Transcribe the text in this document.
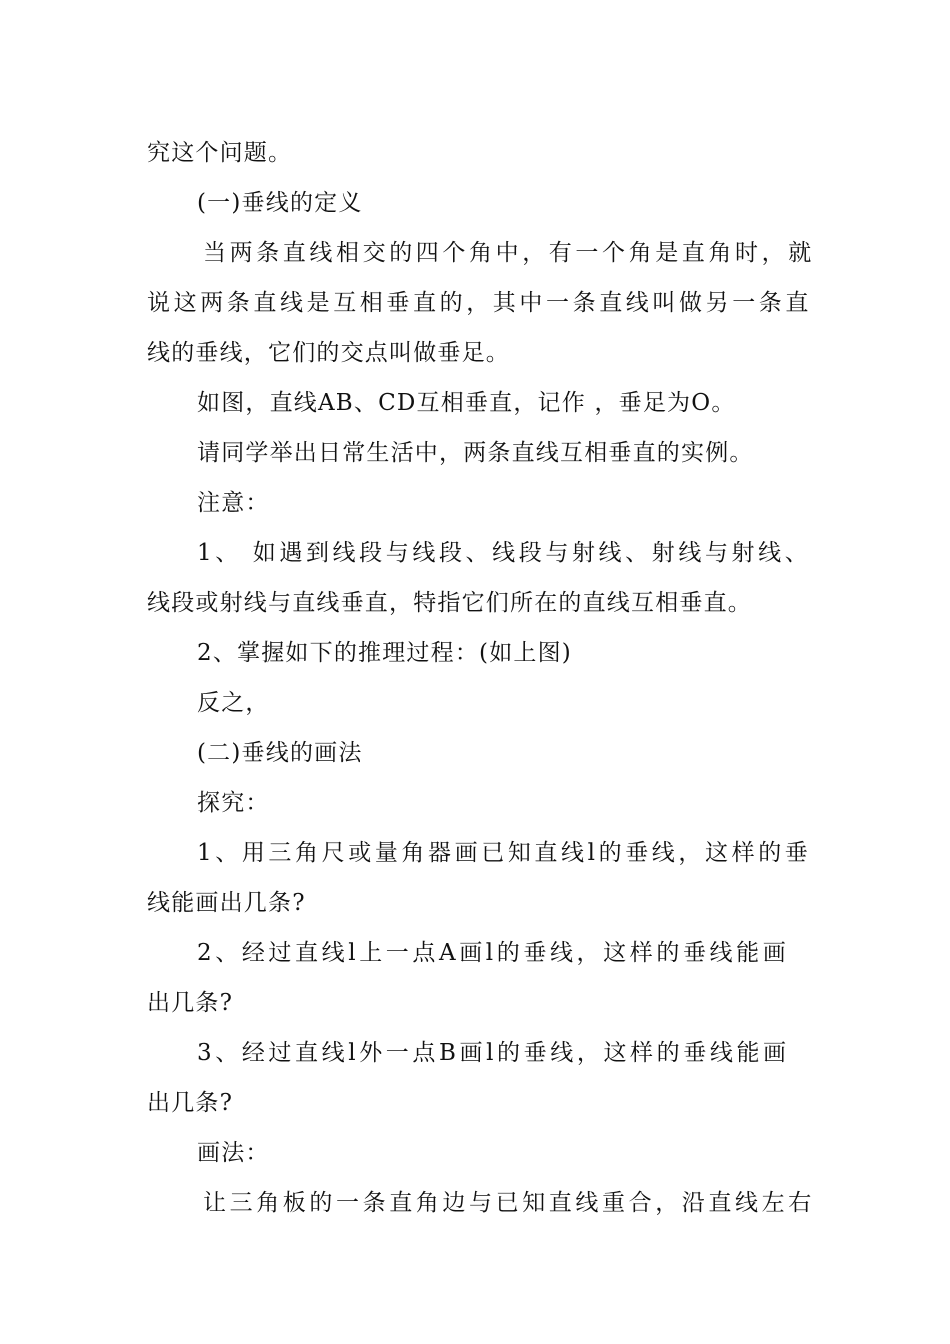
究这个问题。
(一)垂线的定义
当两条直线相交的四个角中，有一个角是直角时，就
说这两条直线是互相垂直的，其中一条直线叫做另一条直
线的垂线，它们的交点叫做垂足。
如图，直线AB、CD互相垂直，记作 ，垂足为O。
请同学举出日常生活中，两条直线互相垂直的实例。
注意：
1、 如遇到线段与线段、线段与射线、射线与射线、
线段或射线与直线垂直，特指它们所在的直线互相垂直。
2、掌握如下的推理过程：(如上图)
反之，
(二)垂线的画法
探究：
1、用三角尺或量角器画已知直线l的垂线，这样的垂
线能画出几条?
2、经过直线l上一点A画l的垂线，这样的垂线能画
出几条?
3、经过直线l外一点B画l的垂线，这样的垂线能画
出几条?
画法：
让三角板的一条直角边与已知直线重合，沿直线左右
